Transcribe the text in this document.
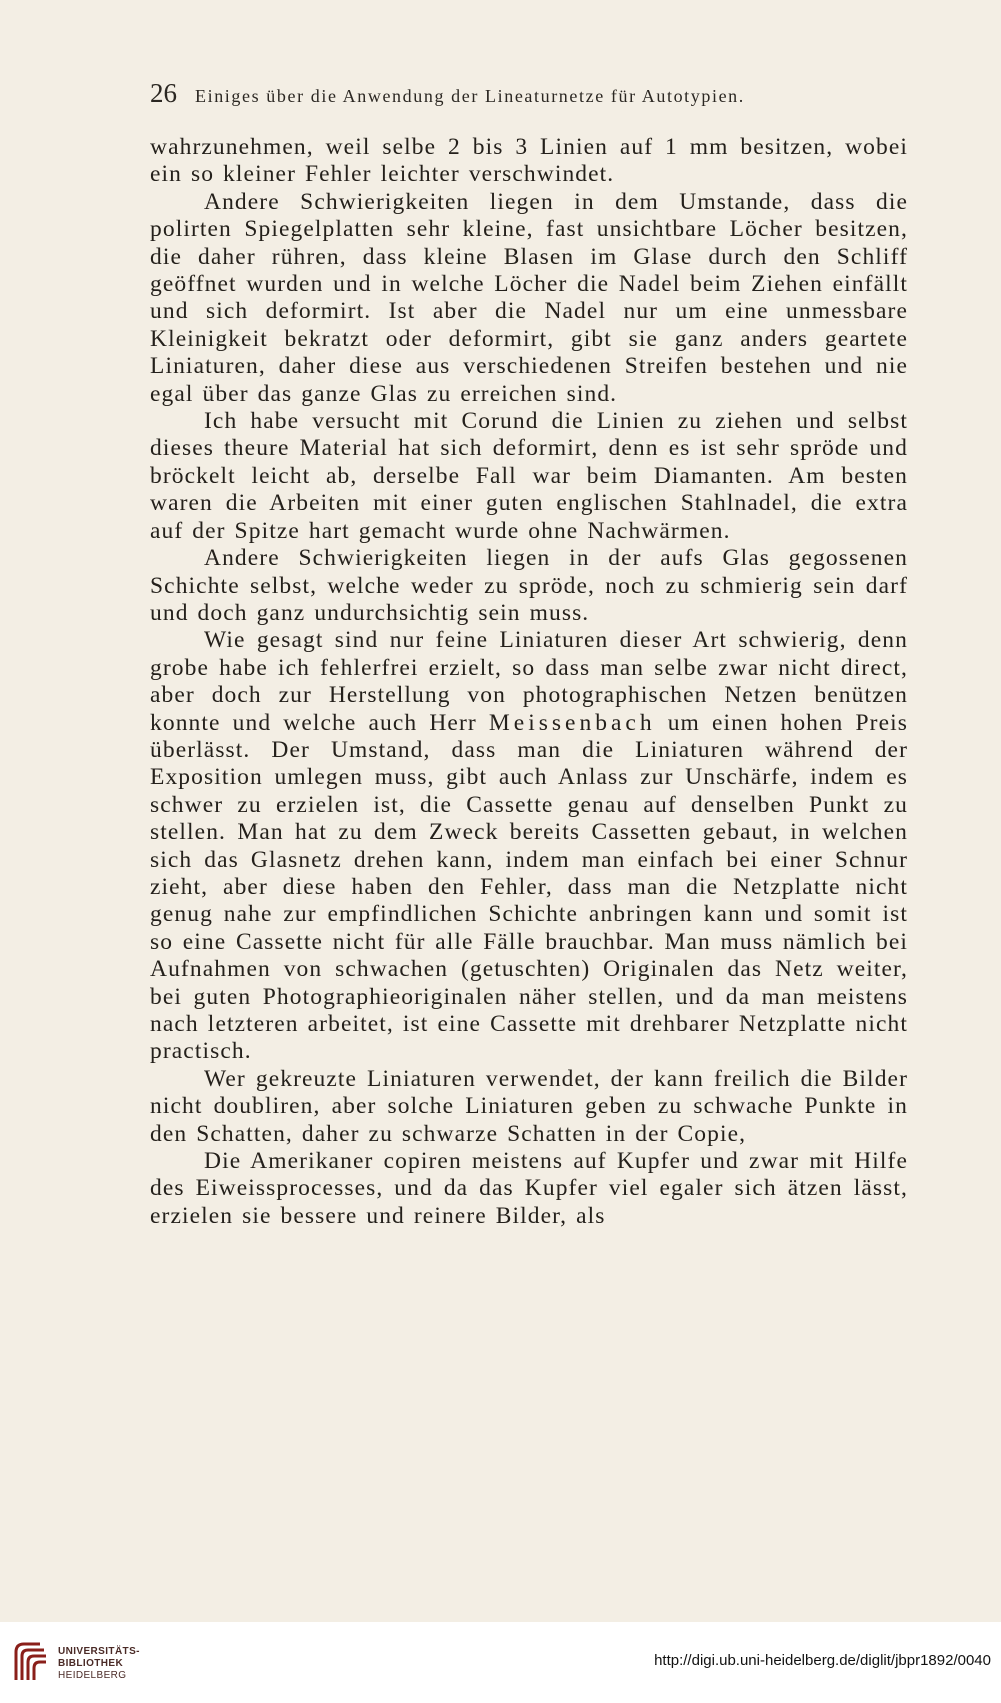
26 Einiges über die Anwendung der Lineaturnetze für Autotypien.

wahrzunehmen, weil selbe 2 bis 3 Linien auf 1 mm besitzen, wobei ein so kleiner Fehler leichter verschwindet.

Andere Schwierigkeiten liegen in dem Umstande, dass die polirten Spiegelplatten sehr kleine, fast unsichtbare Löcher besitzen, die daher rühren, dass kleine Blasen im Glase durch den Schliff geöffnet wurden und in welche Löcher die Nadel beim Ziehen einfällt und sich deformirt. Ist aber die Nadel nur um eine unmessbare Kleinigkeit bekratzt oder deformirt, gibt sie ganz anders geartete Liniaturen, daher diese aus verschiedenen Streifen bestehen und nie egal über das ganze Glas zu erreichen sind.

Ich habe versucht mit Corund die Linien zu ziehen und selbst dieses theure Material hat sich deformirt, denn es ist sehr spröde und bröckelt leicht ab, derselbe Fall war beim Diamanten. Am besten waren die Arbeiten mit einer guten englischen Stahlnadel, die extra auf der Spitze hart gemacht wurde ohne Nachwärmen.

Andere Schwierigkeiten liegen in der aufs Glas gegossenen Schichte selbst, welche weder zu spröde, noch zu schmierig sein darf und doch ganz undurchsichtig sein muss.

Wie gesagt sind nur feine Liniaturen dieser Art schwierig, denn grobe habe ich fehlerfrei erzielt, so dass man selbe zwar nicht direct, aber doch zur Herstellung von photographischen Netzen benützen konnte und welche auch Herr Meissenbach um einen hohen Preis überlässt. Der Umstand, dass man die Liniaturen während der Exposition umlegen muss, gibt auch Anlass zur Unschärfe, indem es schwer zu erzielen ist, die Cassette genau auf denselben Punkt zu stellen. Man hat zu dem Zweck bereits Cassetten gebaut, in welchen sich das Glasnetz drehen kann, indem man einfach bei einer Schnur zieht, aber diese haben den Fehler, dass man die Netzplatte nicht genug nahe zur empfindlichen Schichte anbringen kann und somit ist so eine Cassette nicht für alle Fälle brauchbar. Man muss nämlich bei Aufnahmen von schwachen (getuschten) Originalen das Netz weiter, bei guten Photographieoriginalen näher stellen, und da man meistens nach letzteren arbeitet, ist eine Cassette mit drehbarer Netzplatte nicht practisch.

Wer gekreuzte Liniaturen verwendet, der kann freilich die Bilder nicht doubliren, aber solche Liniaturen geben zu schwache Punkte in den Schatten, daher zu schwarze Schatten in der Copie,

Die Amerikaner copiren meistens auf Kupfer und zwar mit Hilfe des Eiweissprocesses, und da das Kupfer viel egaler sich ätzen lässt, erzielen sie bessere und reinere Bilder, als

UNIVERSITÄTS-
BIBLIOTHEK
HEIDELBERG
http://digi.ub.uni-heidelberg.de/diglit/jbpr1892/0040
